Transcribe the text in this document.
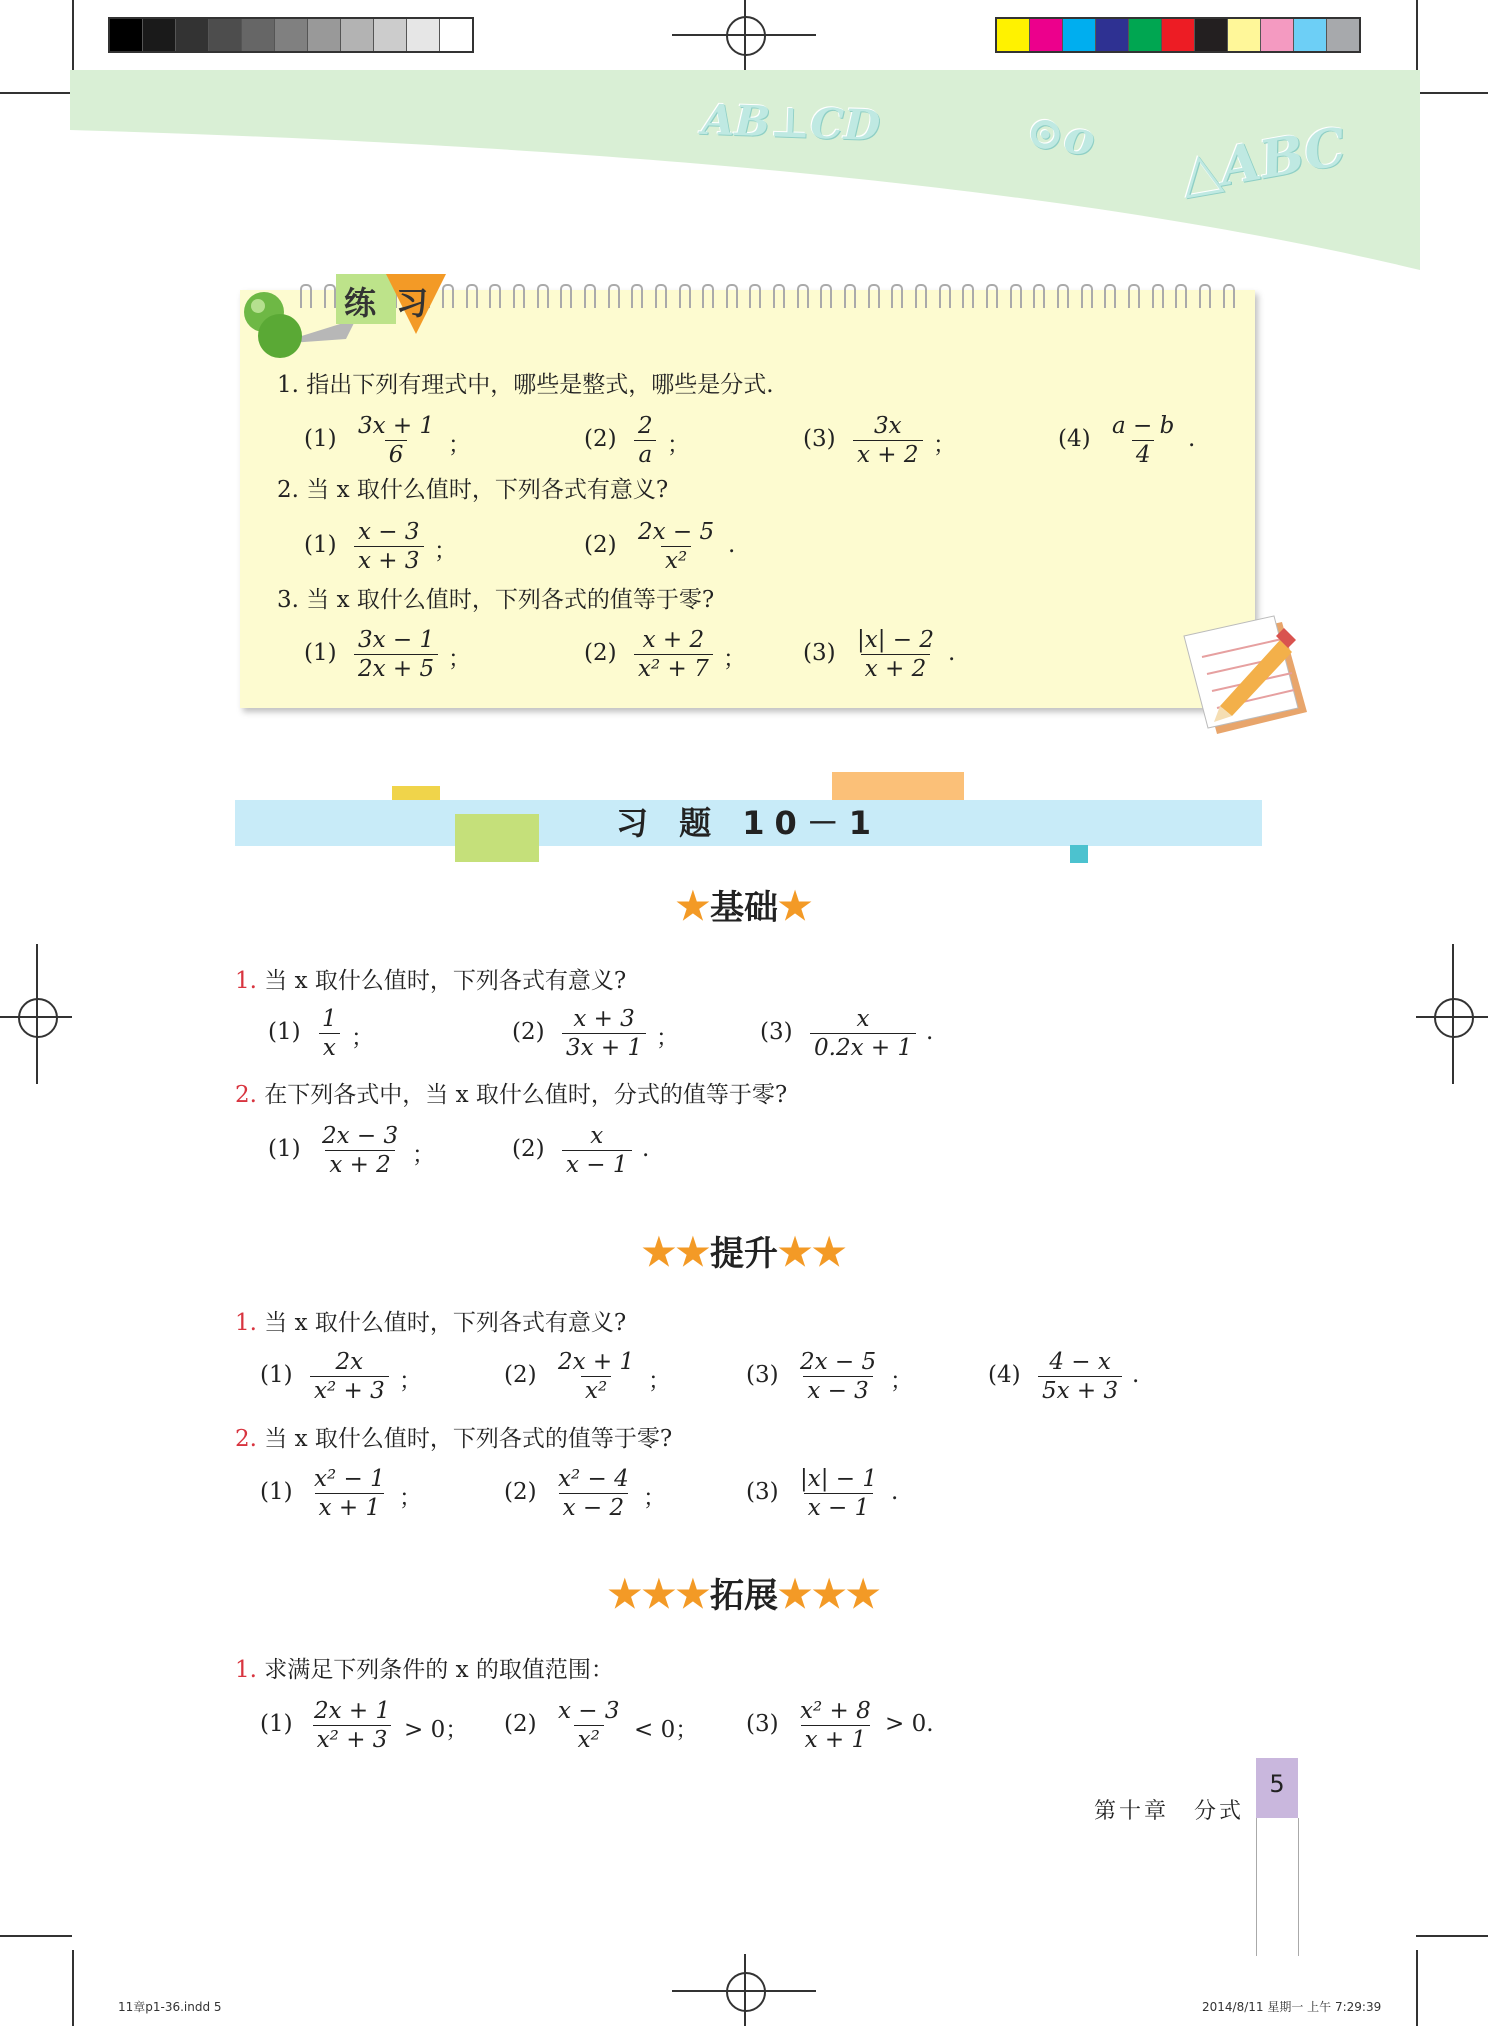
AB⊥CD	⊙o △ABC
练 习
1. 指出下列有理式中，哪些是整式，哪些是分式.
$(1) \frac{3x + 1}{6}$ ；	$(2) \frac{2}{a}$ ；	$(3) \frac{3x}{x + 2}$ ；	$(4) \frac{a - b}{4}$ .
2. 当 x 取什么值时，下列各式有意义?
$(1) \frac{x - 3}{x + 3}$ ；	$(2) \frac{2x - 5}{\text{x²}}$ .
3. 当 x 取什么值时，下列各式的值等于零?
$(1) \frac{3x - 1}{2x + 5}$ ；	$(2) \frac{x + 2}{\text{x² + 7}}$ ； $(3) \frac{|x| - 2}{x + 2}$ .
习 题 10－1
★基础★
1. 当 x 取什么值时，下列各式有意义?
$(1) \frac{1}{x}$ ；	$(2) \frac{x + 3}{3x + 1}$ ；	$(3) \frac{x}{0.2x + 1}$ .
2. 在下列各式中，当 x 取什么值时，分式的值等于零?
$(1) \frac{2x - 3}{x + 2}$ ；	$(2) \frac{x}{x - 1}$ .
★★提升★★
1. 当 x 取什么值时，下列各式有意义?
$(1) \frac{2x}{\text{x² + 3}}$ ；	$(2) \frac{2x + 1}{\text{x²}}$ ；	$(3) \frac{2x - 5}{x - 3}$ ；	$(4) \frac{4 - x}{5x + 3}$ .
2. 当 x 取什么值时，下列各式的值等于零?
$(1) \frac{\text{x² − 1}}{x + 1}$ ；	$(2) \frac{\text{x² − 4}}{x - 2}$ ；	$(3) \frac{|x| - 1}{x - 1}$ .
★★★拓展★★★
1. 求满足下列条件的 x 的取值范围：
$(1) \frac{2x + 1}{\text{x² + 3}} > 0$； $(2) \frac{x - 3}{\text{x²}} < 0$； $(3) \frac{\text{x² + 8}}{x + 1} > 0$.
第十章　分式
5
11章p1-36.indd 5	2014/8/11 星期一 上午 7:29:39
